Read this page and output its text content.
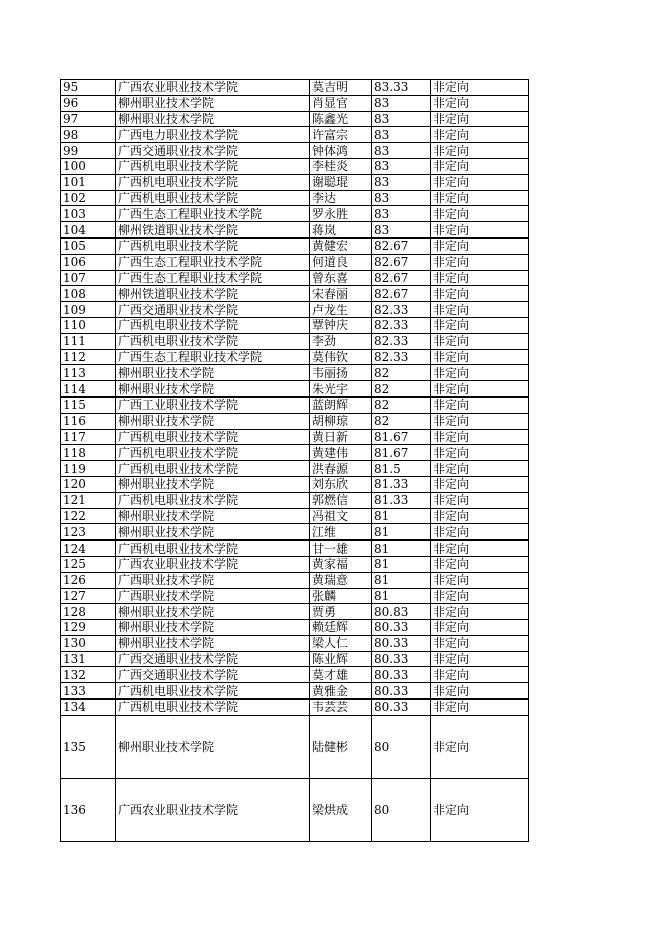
95	广西农业职业技术学院	莫吉明	83.33	非定向
96	柳州职业技术学院	肖显官	83	非定向
97	柳州职业技术学院	陈鑫光	83	非定向
98	广西电力职业技术学院	许富宗	83	非定向
99	广西交通职业技术学院	钟体鸿	83	非定向
100	广西机电职业技术学院	李桂炎	83	非定向
101	广西机电职业技术学院	谢聪琨	83	非定向
102	广西机电职业技术学院	李达	83	非定向
103	广西生态工程职业技术学院	罗永胜	83	非定向
104	柳州铁道职业技术学院	蒋岚	83	非定向
105	广西机电职业技术学院	黄健宏	82.67	非定向
106	广西生态工程职业技术学院	何道良	82.67	非定向
107	广西生态工程职业技术学院	曾东喜	82.67	非定向
108	柳州铁道职业技术学院	宋春丽	82.67	非定向
109	广西交通职业技术学院	卢龙生	82.33	非定向
110	广西机电职业技术学院	覃钟庆	82.33	非定向
111	广西机电职业技术学院	李劲	82.33	非定向
112	广西生态工程职业技术学院	莫伟钦	82.33	非定向
113	柳州职业技术学院	韦丽扬	82	非定向
114	柳州职业技术学院	朱光宇	82	非定向
115	广西工业职业技术学院	蓝朗辉	82	非定向
116	柳州职业技术学院	胡柳琼	82	非定向
117	广西机电职业技术学院	黄日新	81.67	非定向
118	广西机电职业技术学院	黄建伟	81.67	非定向
119	广西机电职业技术学院	洪春源	81.5	非定向
120	柳州职业技术学院	刘东欣	81.33	非定向
121	广西机电职业技术学院	郭燃信	81.33	非定向
122	柳州职业技术学院	冯祖文	81	非定向
123	柳州职业技术学院	江维	81	非定向
124	广西机电职业技术学院	甘一雄	81	非定向
125	广西农业职业技术学院	黄家福	81	非定向
126	广西职业技术学院	黄瑞意	81	非定向
127	广西职业技术学院	张麟	81	非定向
128	柳州职业技术学院	贾勇	80.83	非定向
129	柳州职业技术学院	赖廷辉	80.33	非定向
130	柳州职业技术学院	梁人仁	80.33	非定向
131	广西交通职业技术学院	陈业辉	80.33	非定向
132	广西交通职业技术学院	莫才雄	80.33	非定向
133	广西机电职业技术学院	黄雅金	80.33	非定向
134	广西机电职业技术学院	韦芸芸	80.33	非定向
135	柳州职业技术学院	陆健彬	80	非定向
136	广西农业职业技术学院	梁烘成	80	非定向
